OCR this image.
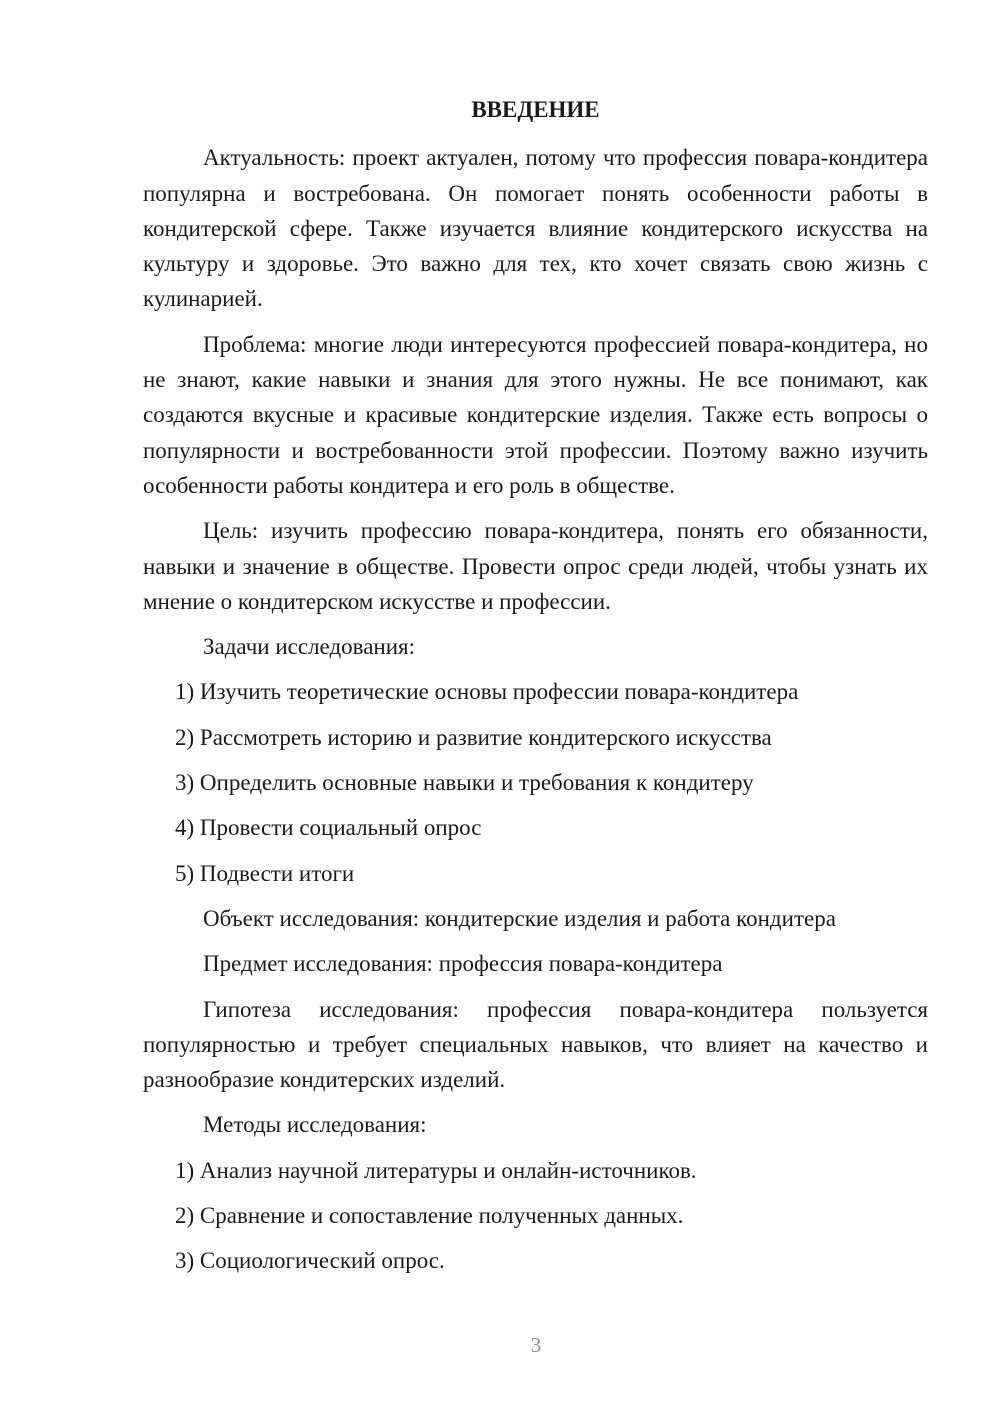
ВВЕДЕНИЕ

Актуальность: проект актуален, потому что профессия повара-кондитера популярна и востребована. Он помогает понять особенности работы в кондитерской сфере. Также изучается влияние кондитерского искусства на культуру и здоровье. Это важно для тех, кто хочет связать свою жизнь с кулинарией.

Проблема: многие люди интересуются профессией повара-кондитера, но не знают, какие навыки и знания для этого нужны. Не все понимают, как создаются вкусные и красивые кондитерские изделия. Также есть вопросы о популярности и востребованности этой профессии. Поэтому важно изучить особенности работы кондитера и его роль в обществе.

Цель: изучить профессию повара-кондитера, понять его обязанности, навыки и значение в обществе. Провести опрос среди людей, чтобы узнать их мнение о кондитерском искусстве и профессии.

Задачи исследования:

1) Изучить теоретические основы профессии повара-кондитера

2) Рассмотреть историю и развитие кондитерского искусства

3) Определить основные навыки и требования к кондитеру

4) Провести социальный опрос

5) Подвести итоги

Объект исследования: кондитерские изделия и работа кондитера

Предмет исследования: профессия повара-кондитера

Гипотеза исследования: профессия повара-кондитера пользуется популярностью и требует специальных навыков, что влияет на качество и разнообразие кондитерских изделий.

Методы исследования:

1) Анализ научной литературы и онлайн-источников.

2) Сравнение и сопоставление полученных данных.

3) Социологический опрос.

3
